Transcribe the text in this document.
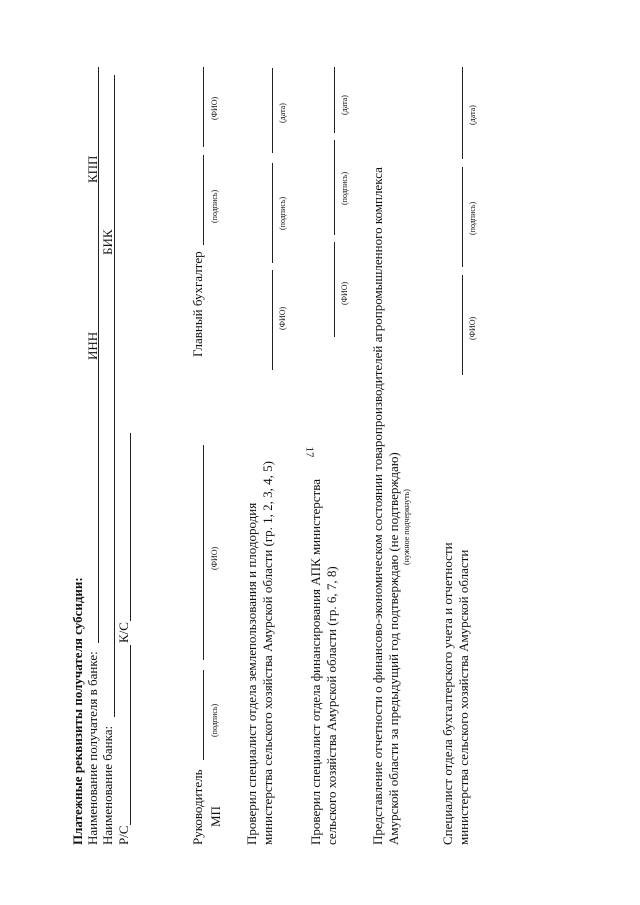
17
Платежные реквизиты получателя субсидии: Наименование получателя в банке: Наименование банка: Р/С
К/С
ИНН
БИК
КПП
Руководитель МП
(подпись)
(ФИО)
Главный бухгалтер
(подпись)
(ФИО)
Проверил специалист отдела землепользования и плодородия министерства сельского хозяйства Амурской области (гр. 1, 2, 3, 4, 5)
(ФИО)
(подпись)
(дата)
Проверил специалист отдела финансирования АПК министерства сельского хозяйства Амурской области (гр. 6, 7, 8)
(ФИО)
(подпись)
(дата)
Представление отчетности о финансово-экономическом состоянии товаропроизводителей агропромышленного комплекса Амурской области за предыдущий год подтверждаю (не подтверждаю) (нужное подчеркнуть)
Специалист отдела бухгалтерского учета и отчетности министерства сельского хозяйства Амурской области
(ФИО)
(подпись)
(дата)
